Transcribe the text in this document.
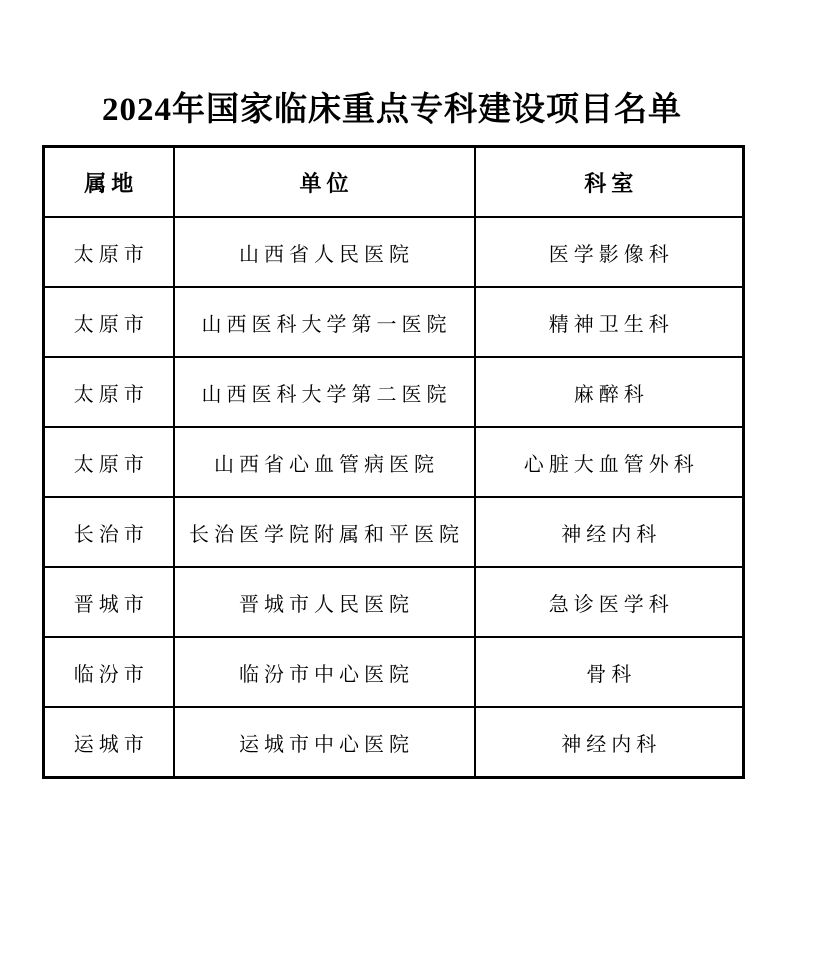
2024年国家临床重点专科建设项目名单
属地	单位	科室
太原市	山西省人民医院	医学影像科
太原市	山西医科大学第一医院	精神卫生科
太原市	山西医科大学第二医院	麻醉科
太原市	山西省心血管病医院	心脏大血管外科
长治市	长治医学院附属和平医院	神经内科
晋城市	晋城市人民医院	急诊医学科
临汾市	临汾市中心医院	骨科
运城市	运城市中心医院	神经内科
